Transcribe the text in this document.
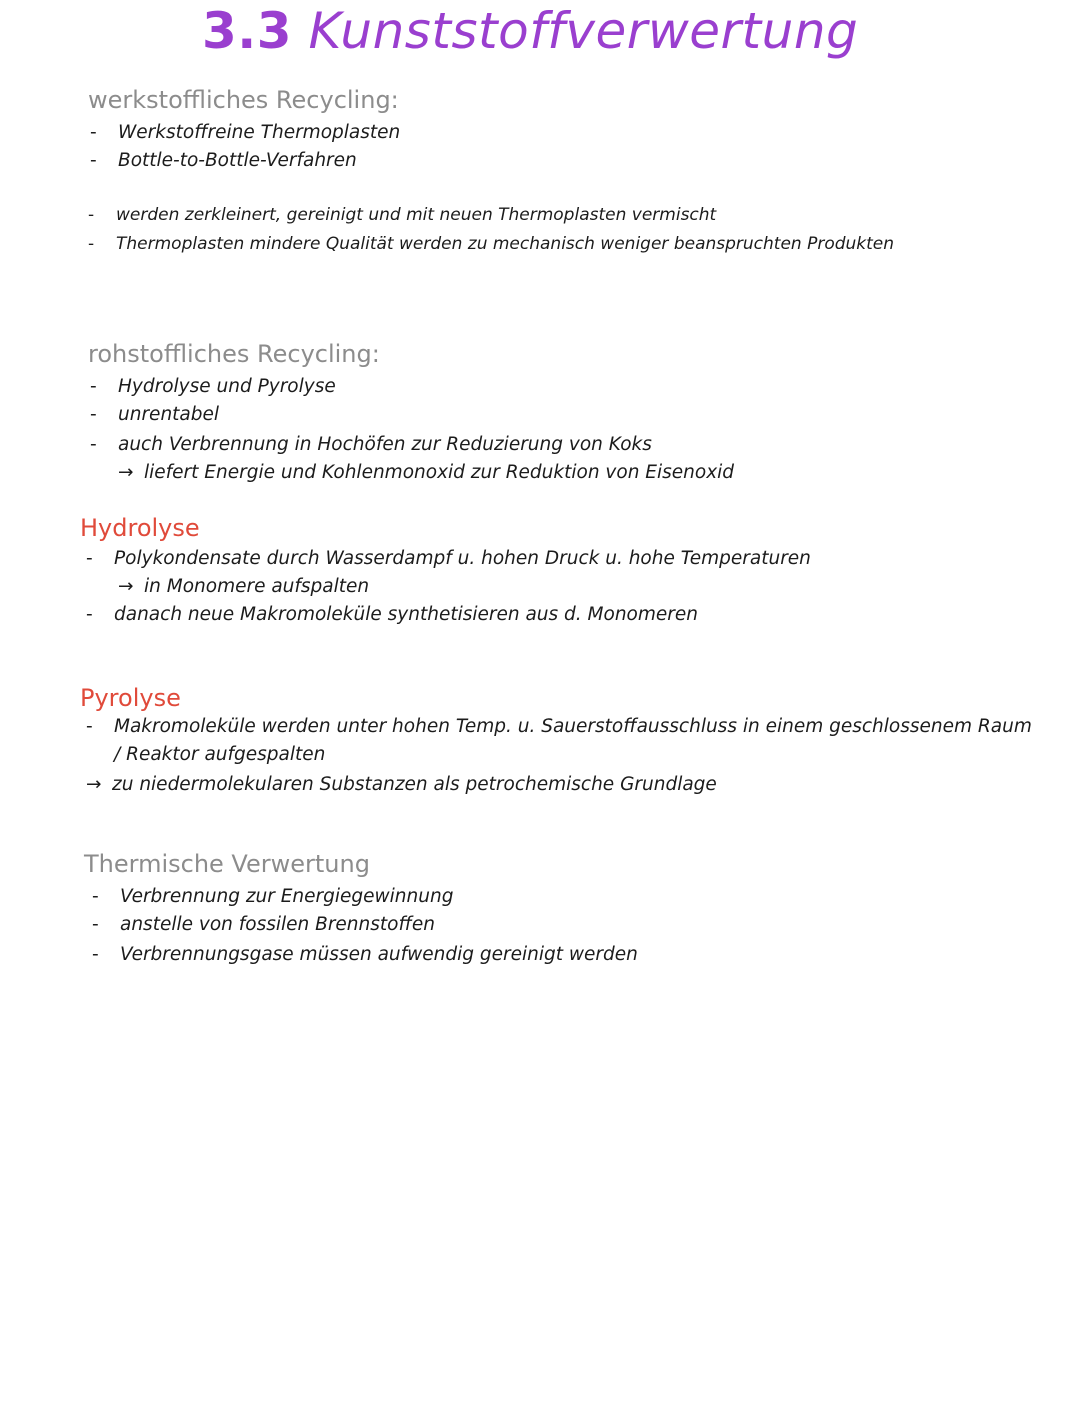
3.3 Kunststoffverwertung
werkstoffliches Recycling:
- Werkstoffreine Thermoplasten
- Bottle-to-Bottle-Verfahren
- werden zerkleinert, gereinigt und mit neuen Thermoplasten vermischt
- Thermoplasten mindere Qualität werden zu mechanisch weniger beanspruchten Produkten
rohstoffliches Recycling:
- Hydrolyse und Pyrolyse
- unrentabel
- auch Verbrennung in Hochöfen zur Reduzierung von Koks
→ liefert Energie und Kohlenmonoxid zur Reduktion von Eisenoxid
Hydrolyse
- Polykondensate durch Wasserdampf u. hohen Druck u. hohe Temperaturen
→ in Monomere aufspalten
- danach neue Makromoleküle synthetisieren aus d. Monomeren
Pyrolyse
- Makromoleküle werden unter hohen Temp. u. Sauerstoffausschluss in einem geschlossenem Raum
/ Reaktor aufgespalten
→ zu niedermolekularen Substanzen als petrochemische Grundlage
Thermische Verwertung
- Verbrennung zur Energiegewinnung
- anstelle von fossilen Brennstoffen
- Verbrennungsgase müssen aufwendig gereinigt werden
